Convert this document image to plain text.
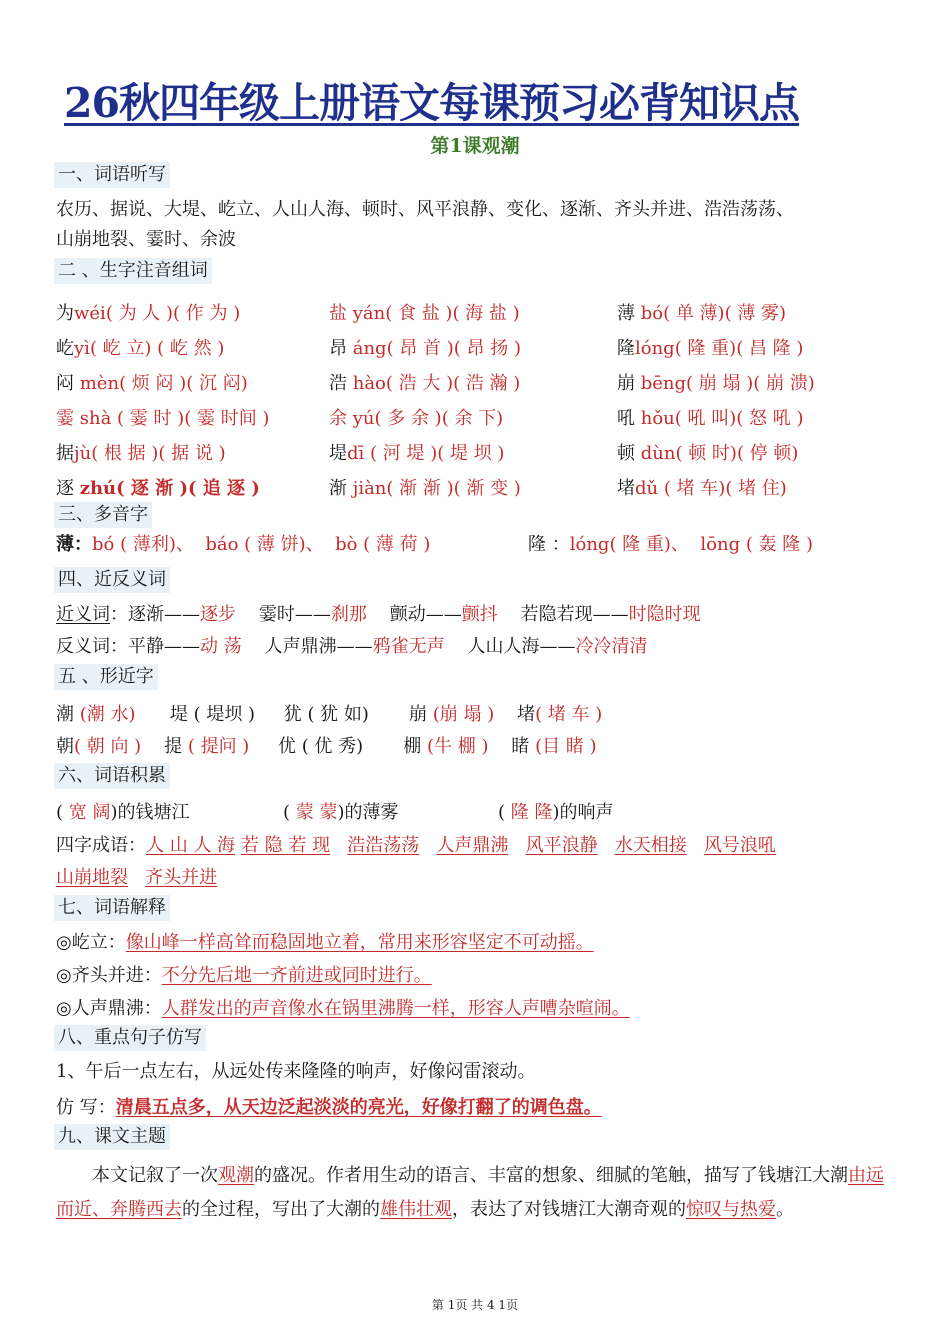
26秋四年级上册语文每课预习必背知识点
第1课观潮
一、词语听写
农历、据说、大堤、屹立、人山人海、顿时、风平浪静、变化、逐渐、齐头并进、浩浩荡荡、
山崩地裂、霎时、余波
二 、生字注音组词
为wéi( 为 人 )( 作 为 )	盐 yán( 食 盐 )( 海 盐 )	薄 bó( 单 薄)( 薄 雾)
屹yì( 屹 立) ( 屹 然 )	昂 áng( 昂 首 )( 昂 扬 )	隆lóng( 隆 重)( 昌 隆 )
闷 mèn( 烦 闷 )( 沉 闷)	浩 hào( 浩 大 )( 浩 瀚 )	崩 bēng( 崩 塌 )( 崩 溃)
霎 shà ( 霎 时 )( 霎 时间 )	余 yú( 多 余 )( 余 下)	吼 hǒu( 吼 叫)( 怒 吼 )
据jù( 根 据 )( 据 说 )	堤dī ( 河 堤 )( 堤 坝 )	顿 dùn( 顿 时)( 停 顿)
逐 zhú( 逐 渐 )( 追 逐 )	渐 jiàn( 渐 渐 )( 渐 变 )	堵dǔ ( 堵 车)( 堵 住)
三、多音字
薄：bó ( 薄利)、 báo ( 薄 饼)、 bò ( 薄 荷 )	隆 ：lóng( 隆 重)、 lōng ( 轰 隆 )
四、近反义词
近义词：逐渐——逐步 霎时——刹那 颤动——颤抖 若隐若现——时隐时现
反义词：平静——动 荡 人声鼎沸——鸦雀无声 人山人海——冷冷清清
五 、形近字
潮 (潮 水) 堤 ( 堤坝 ) 犹 ( 犹 如) 崩 (崩 塌 ) 堵( 堵 车 )
朝( 朝 向 ) 提 ( 提问 ) 优 ( 优 秀) 棚 (牛 棚 ) 睹 (目 睹 )
六、词语积累
( 宽 阔)的钱塘江	( 蒙 蒙)的薄雾	( 隆 隆)的响声
四字成语：人 山 人 海 若 隐 若 现 浩浩荡荡 人声鼎沸 风平浪静 水天相接 风号浪吼
山崩地裂 齐头并进
七、词语解释
◎屹立：像山峰一样高耸而稳固地立着，常用来形容坚定不可动摇。
◎齐头并进：不分先后地一齐前进或同时进行。
◎人声鼎沸：人群发出的声音像水在锅里沸腾一样，形容人声嘈杂喧闹。
八、重点句子仿写
1、午后一点左右，从远处传来隆隆的响声，好像闷雷滚动。
仿 写：清晨五点多，从天边泛起淡淡的亮光，好像打翻了的调色盘。
九、课文主题
本文记叙了一次观潮的盛况。作者用生动的语言、丰富的想象、细腻的笔触，描写了钱塘江大潮由远而近、奔腾西去的全过程，写出了大潮的雄伟壮观，表达了对钱塘江大潮奇观的惊叹与热爱。
第 1页 共 4 1页
